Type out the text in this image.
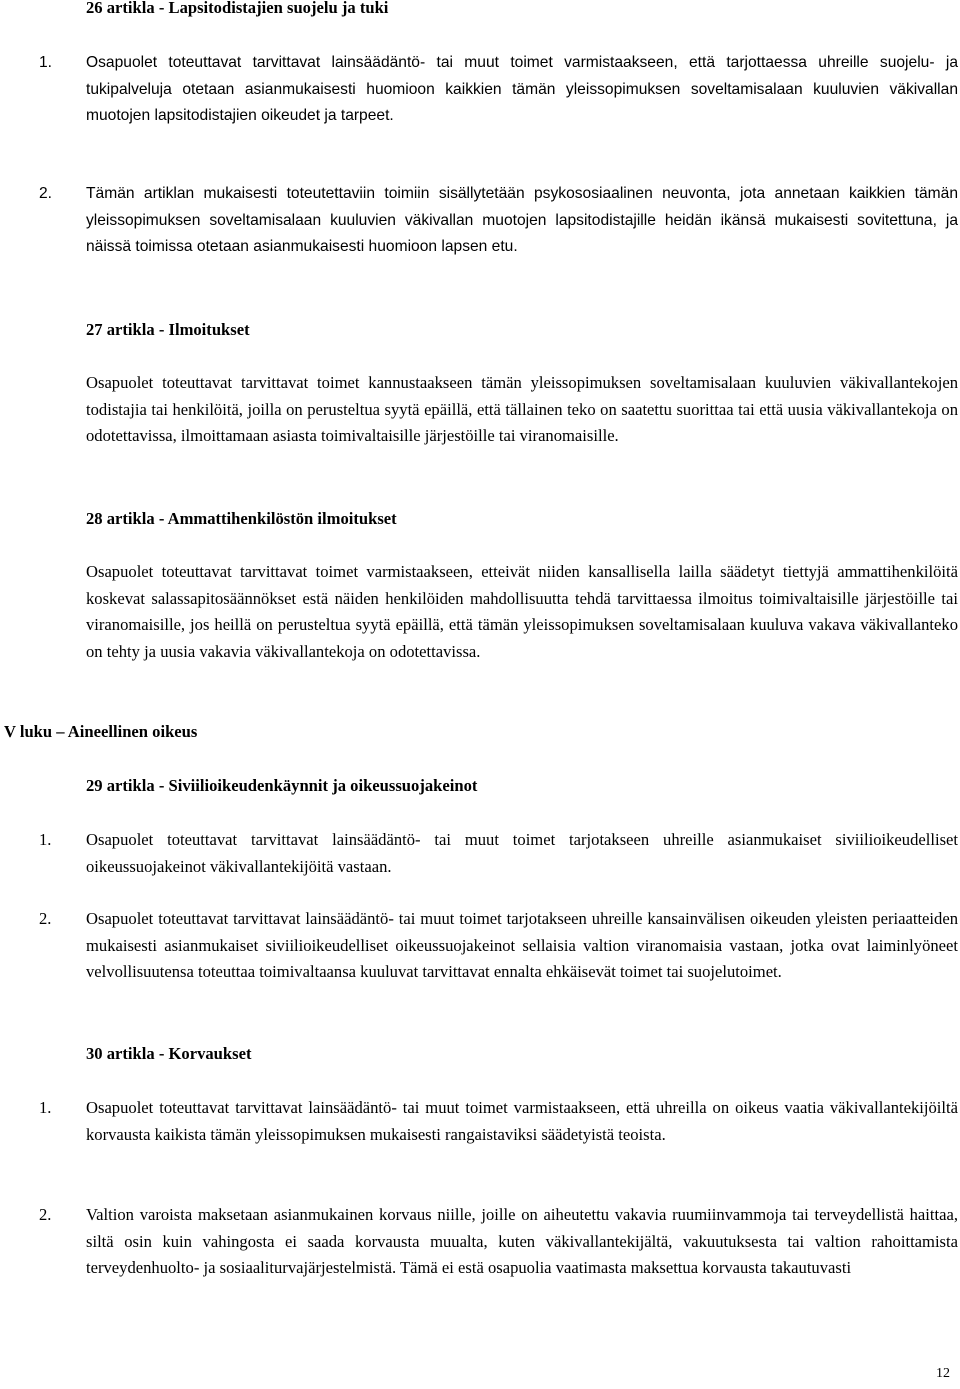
26 artikla - Lapsitodistajien suojelu ja tuki
1. Osapuolet toteuttavat tarvittavat lainsäädäntö- tai muut toimet varmistaakseen, että tarjottaessa uhreille suojelu- ja tukipalveluja otetaan asianmukaisesti huomioon kaikkien tämän yleissopimuksen soveltamisalaan kuuluvien väkivallan muotojen lapsitodistajien oikeudet ja tarpeet.
2. Tämän artiklan mukaisesti toteutettaviin toimiin sisällytetään psykososiaalinen neuvonta, jota annetaan kaikkien tämän yleissopimuksen soveltamisalaan kuuluvien väkivallan muotojen lapsitodistajille heidän ikänsä mukaisesti sovitettuna, ja näissä toimissa otetaan asianmukaisesti huomioon lapsen etu.
27 artikla - Ilmoitukset
Osapuolet toteuttavat tarvittavat toimet kannustaakseen tämän yleissopimuksen soveltamisalaan kuuluvien väkivallantekojen todistajia tai henkilöitä, joilla on perusteltua syytä epäillä, että tällainen teko on saatettu suorittaa tai että uusia väkivallantekoja on odotettavissa, ilmoittamaan asiasta toimivaltaisille järjestöille tai viranomaisille.
28 artikla - Ammattihenkilöstön ilmoitukset
Osapuolet toteuttavat tarvittavat toimet varmistaakseen, etteivät niiden kansallisella lailla säädetyt tiettyjä ammattihenkilöitä koskevat salassapitosäännökset estä näiden henkilöiden mahdollisuutta tehdä tarvittaessa ilmoitus toimivaltaisille järjestöille tai viranomaisille, jos heillä on perusteltua syytä epäillä, että tämän yleissopimuksen soveltamisalaan kuuluva vakava väkivallanteko on tehty ja uusia vakavia väkivallantekoja on odotettavissa.
V luku – Aineellinen oikeus
29 artikla - Siviilioikeudenkäynnit ja oikeussuojakeinot
1. Osapuolet toteuttavat tarvittavat lainsäädäntö- tai muut toimet tarjotakseen uhreille asianmukaiset siviilioikeudelliset oikeussuojakeinot väkivallantekijöitä vastaan.
2. Osapuolet toteuttavat tarvittavat lainsäädäntö- tai muut toimet tarjotakseen uhreille kansainvälisen oikeuden yleisten periaatteiden mukaisesti asianmukaiset siviilioikeudelliset oikeussuojakeinot sellaisia valtion viranomaisia vastaan, jotka ovat laiminlyöneet velvollisuutensa toteuttaa toimivaltaansa kuuluvat tarvittavat ennalta ehkäisevät toimet tai suojelutoimet.
30 artikla - Korvaukset
1. Osapuolet toteuttavat tarvittavat lainsäädäntö- tai muut toimet varmistaakseen, että uhreilla on oikeus vaatia väkivallantekijöiltä korvausta kaikista tämän yleissopimuksen mukaisesti rangaistaviksi säädetyistä teoista.
2. Valtion varoista maksetaan asianmukainen korvaus niille, joille on aiheutettu vakavia ruumiinvammoja tai terveydellistä haittaa, siltä osin kuin vahingosta ei saada korvausta muualta, kuten väkivallantekijältä, vakuutuksesta tai valtion rahoittamista terveydenhuolto- ja sosiaaliturvajärjestelmistä. Tämä ei estä osapuolia vaatimasta maksettua korvausta takautuvasti
12
